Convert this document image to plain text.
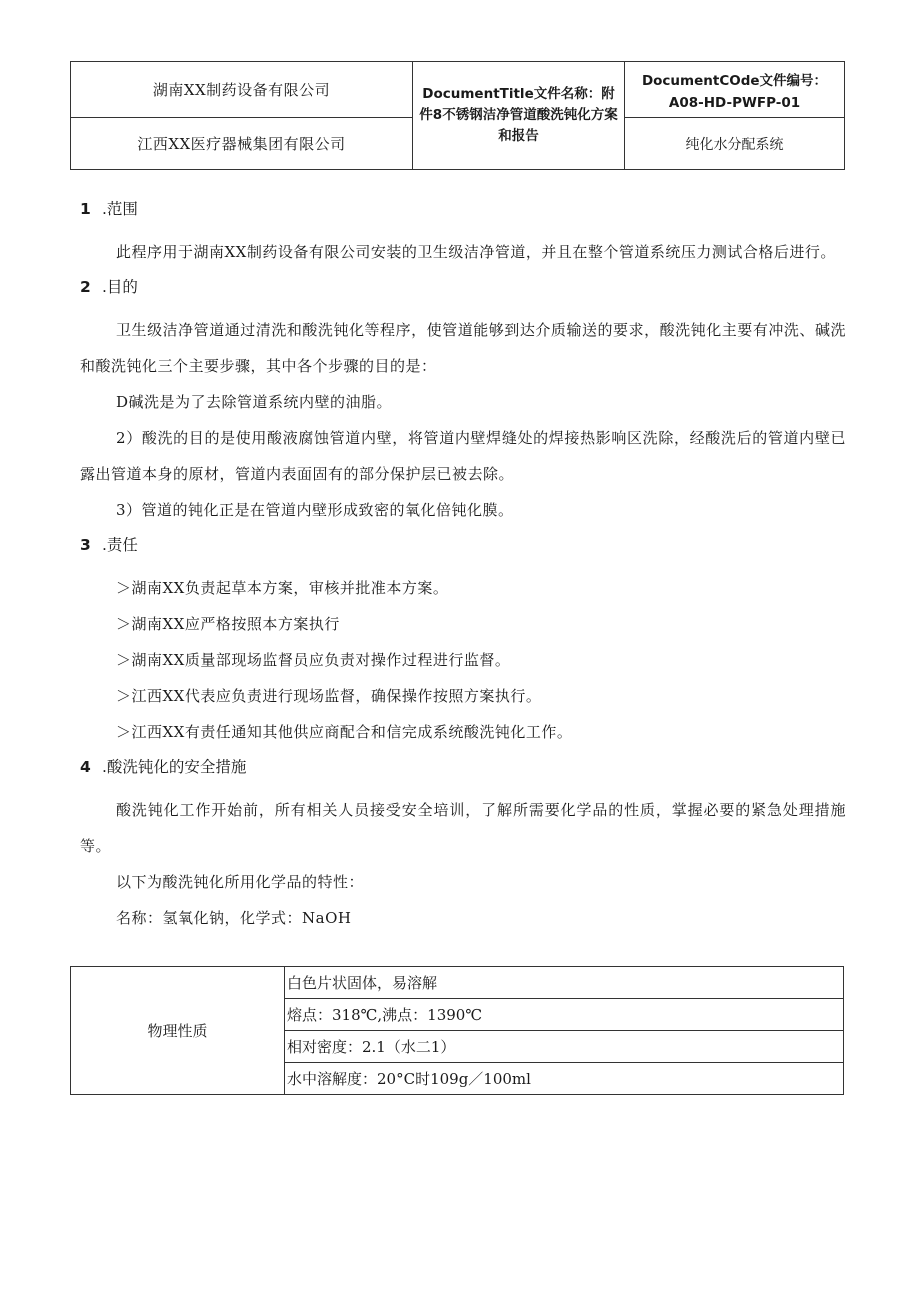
湖南XX制药设备有限公司	DocumentTitle文件名称：附件8不锈钢洁净管道酸洗钝化方案和报告	DocumentCOde文件编号：
A08-HD-PWFP-01

江西XX医疗器械集团有限公司		纯化水分配系统
1 .范围

此程序用于湖南XX制药设备有限公司安装的卫生级洁净管道，并且在整个管道系统压力测试合格后进行。

2 .目的

卫生级洁净管道通过清洗和酸洗钝化等程序，使管道能够到达介质输送的要求，酸洗钝化主要有冲洗、碱洗和酸洗钝化三个主要步骤，其中各个步骤的目的是：

D碱洗是为了去除管道系统内壁的油脂。

2）酸洗的目的是使用酸液腐蚀管道内壁，将管道内壁焊缝处的焊接热影响区洗除，经酸洗后的管道内壁已露出管道本身的原材，管道内表面固有的部分保护层已被去除。

3）管道的钝化正是在管道内壁形成致密的氧化倍钝化膜。

3 .责任

＞湖南XX负责起草本方案，审核并批准本方案。

＞湖南XX应严格按照本方案执行

＞湖南XX质量部现场监督员应负责对操作过程进行监督。

＞江西XX代表应负责进行现场监督，确保操作按照方案执行。

＞江西XX有责任通知其他供应商配合和信完成系统酸洗钝化工作。

4 .酸洗钝化的安全措施

酸洗钝化工作开始前，所有相关人员接受安全培训，了解所需要化学品的性质，掌握必要的紧急处理措施等。

以下为酸洗钝化所用化学品的特性：

名称：氢氧化钠，化学式：NaOH

物理性质	白色片状固体，易溶解
熔点：318℃,沸点：1390℃
相对密度：2.1（水二1）
水中溶解度：20°C时109g／100ml
